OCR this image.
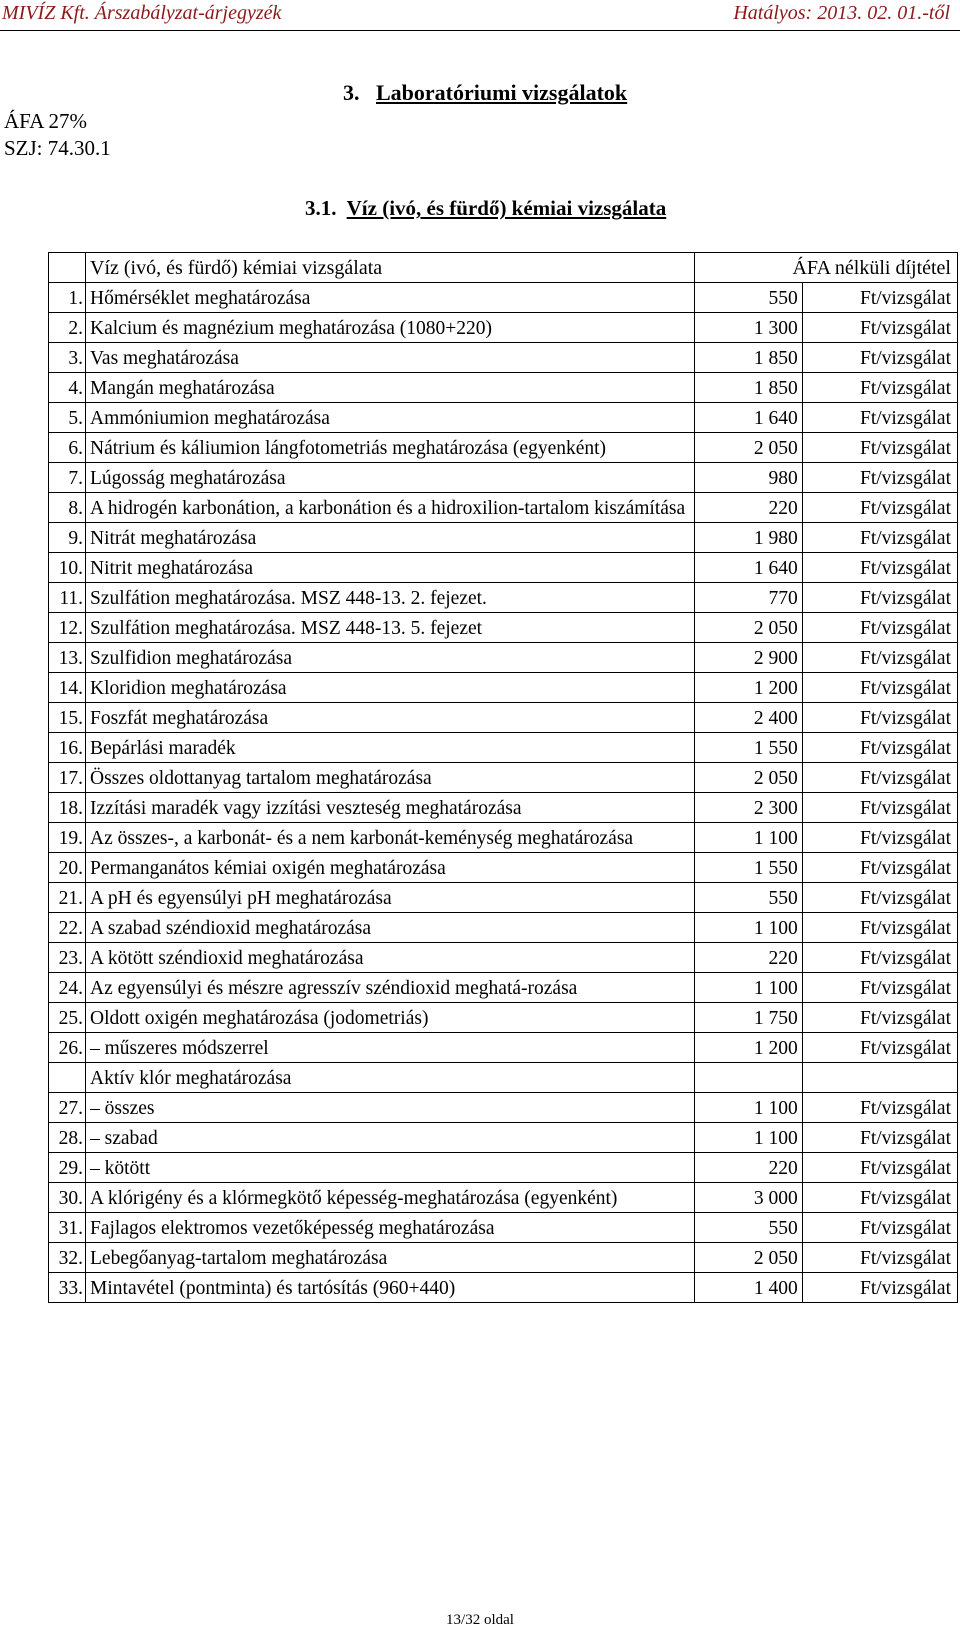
MIVÍZ Kft. Árszabályzat-árjegyzék	Hatályos: 2013. 02. 01.-től
ÁFA 27%
SZJ: 74.30.1
3. Laboratóriumi vizsgálatok
3.1. Víz (ivó, és fürdő) kémiai vizsgálata
	Víz (ivó, és fürdő) kémiai vizsgálata	ÁFA nélküli díjtétel	
1.	Hőmérséklet meghatározása	550	Ft/vizsgálat
2.	Kalcium és magnézium meghatározása (1080+220)	1 300	Ft/vizsgálat
3.	Vas meghatározása	1 850	Ft/vizsgálat
4.	Mangán meghatározása	1 850	Ft/vizsgálat
5.	Ammóniumion meghatározása	1 640	Ft/vizsgálat
6.	Nátrium és káliumion lángfotometriás meghatározása (egyenként)	2 050	Ft/vizsgálat
7.	Lúgosság meghatározása	980	Ft/vizsgálat
8.	A hidrogén karbonátion, a karbonátion és a hidroxilion-tartalom kiszámítása	220	Ft/vizsgálat
9.	Nitrát meghatározása	1 980	Ft/vizsgálat
10.	Nitrit meghatározása	1 640	Ft/vizsgálat
11.	Szulfátion meghatározása. MSZ 448-13. 2. fejezet.	770	Ft/vizsgálat
12.	Szulfátion meghatározása. MSZ 448-13. 5. fejezet	2 050	Ft/vizsgálat
13.	Szulfidion meghatározása	2 900	Ft/vizsgálat
14.	Kloridion meghatározása	1 200	Ft/vizsgálat
15.	Foszfát meghatározása	2 400	Ft/vizsgálat
16.	Bepárlási maradék	1 550	Ft/vizsgálat
17.	Összes oldottanyag tartalom meghatározása	2 050	Ft/vizsgálat
18.	Izzítási maradék vagy izzítási veszteség meghatározása	2 300	Ft/vizsgálat
19.	Az összes-, a karbonát- és a nem karbonát-keménység meghatározása	1 100	Ft/vizsgálat
20.	Permanganátos kémiai oxigén meghatározása	1 550	Ft/vizsgálat
21.	A pH és egyensúlyi pH meghatározása	550	Ft/vizsgálat
22.	A szabad széndioxid meghatározása	1 100	Ft/vizsgálat
23.	A kötött széndioxid meghatározása	220	Ft/vizsgálat
24.	Az egyensúlyi és mészre agresszív széndioxid meghatá-rozása	1 100	Ft/vizsgálat
25.	Oldott oxigén meghatározása (jodometriás)	1 750	Ft/vizsgálat
26.	– műszeres módszerrel	1 200	Ft/vizsgálat
	Aktív klór meghatározása		
27.	– összes	1 100	Ft/vizsgálat
28.	– szabad	1 100	Ft/vizsgálat
29.	– kötött	220	Ft/vizsgálat
30.	A klórigény és a klórmegkötő képesség-meghatározása (egyenként)	3 000	Ft/vizsgálat
31.	Fajlagos elektromos vezetőképesség meghatározása	550	Ft/vizsgálat
32.	Lebegőanyag-tartalom meghatározása	2 050	Ft/vizsgálat
33.	Mintavétel (pontminta) és tartósítás (960+440)	1 400	Ft/vizsgálat
13/32 oldal
